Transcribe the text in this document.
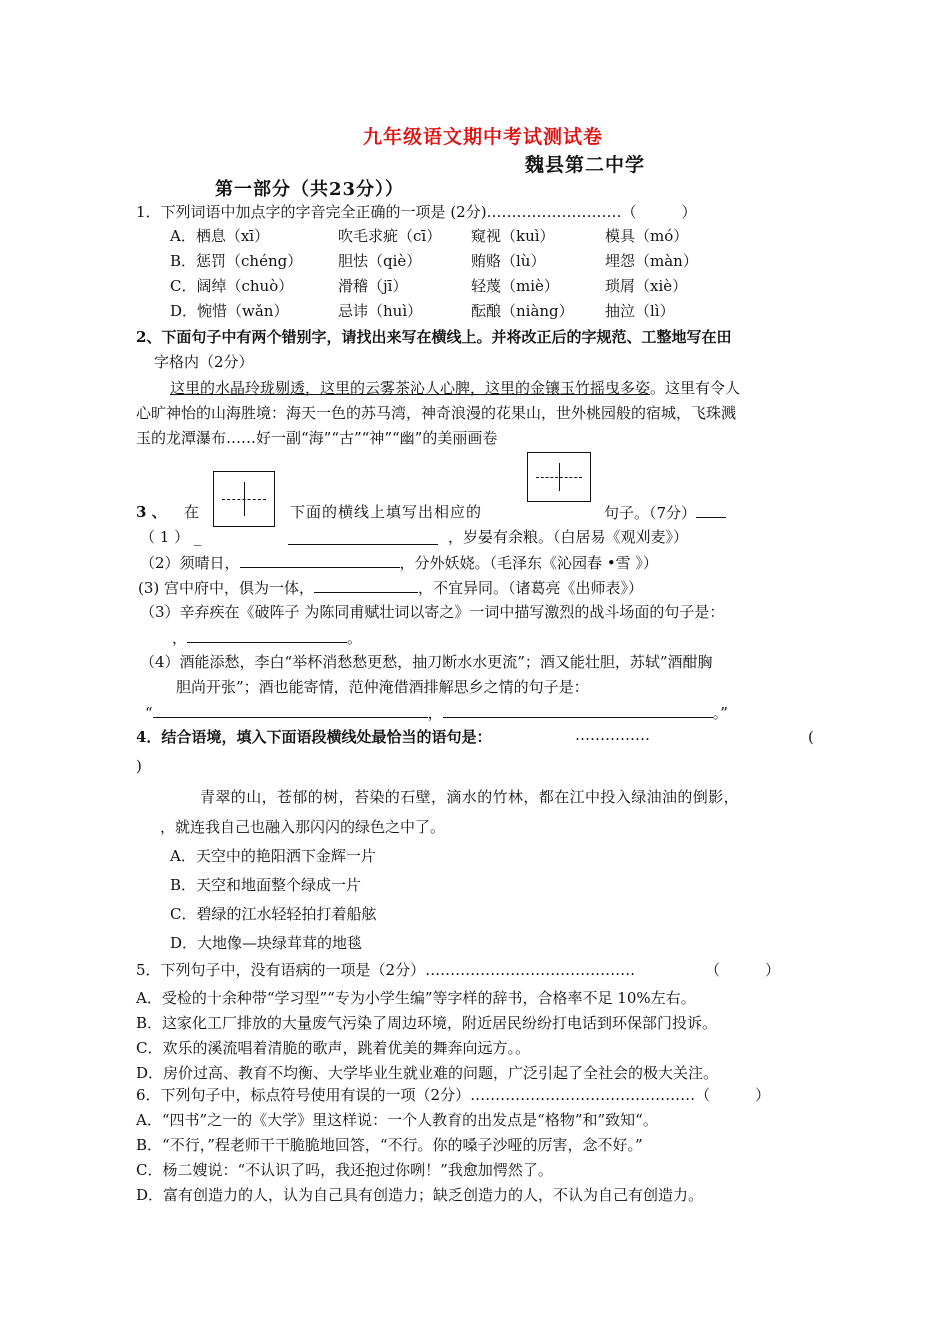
九年级语文期中考试测试卷
魏县第二中学
第一部分（共23分））
1．下列词语中加点字的字音完全正确的一项是 (2分)………………………（　　　）
A．栖息（xī）	吹毛求疵（cī） 窥视（kuì）	模具（mó）
B．惩罚（chéng） 胆怯（qiè）	贿赂（lù）	埋怨（màn）
C．阔绰（chuò）	滑稽（jī）	轻蔑（miè）	琐屑（xiè）
D．惋惜（wǎn）	忌讳（huì）	酝酿（niàng） 抽泣（lì）
2、下面句子中有两个错别字，请找出来写在横线上。并将改正后的字规范、工整地写在田
字格内（2分）
这里的水晶玲珑剔透，这里的云雾茶沁人心脾，这里的金镶玉竹摇曳多姿。这里有令人
心旷神怡的山海胜境：海天一色的苏马湾，神奇浪漫的花果山，世外桃园般的宿城，飞珠溅
玉的龙潭瀑布……好一副“海”“古”“神”“幽”的美丽画卷
3 、 在	下面的横线上填写出相应的	句子。（7分）
（ 1 ） _	，岁晏有余粮。（白居易《观刈麦》）
（2）须晴日，	，分外妖娆。（毛泽东《沁园春 •雪 》）
(3) 宫中府中，俱为一体，	，不宜异同。（诸葛亮《出师表》）
（3）辛弃疾在《破阵子 为陈同甫赋壮词以寄之》一词中描写激烈的战斗场面的句子是：
，	。
（4）酒能添愁，李白“举杯消愁愁更愁，抽刀断水水更流”；酒又能壮胆，苏轼”酒酣胸
胆尚开张”；酒也能寄情，范仲淹借酒排解思乡之情的句子是：
“	，	。”
4．结合语境，填入下面语段横线处最恰当的语句是：	……………	(
)
青翠的山，苍郁的树，苔染的石壁，滴水的竹林，都在江中投入绿油油的倒影，
，就连我自己也融入那闪闪的绿色之中了。
A．天空中的艳阳洒下金辉一片
B．天空和地面整个绿成一片
C．碧绿的江水轻轻拍打着船舷
D．大地像—块绿茸茸的地毯
5．下列句子中，没有语病的一项是（2分）……………………………………	（　　　）
A．受检的十余种带“学习型”“专为小学生编”等字样的辞书，合格率不足 10%左右。
B．这家化工厂排放的大量废气污染了周边环境，附近居民纷纷打电话到环保部门投诉。
C．欢乐的溪流唱着清脆的歌声，跳着优美的舞奔向远方。。
D．房价过高、教育不均衡、大学毕业生就业难的问题，广泛引起了全社会的极大关注。
6．下列句子中，标点符号使用有误的一项（2分）………………………………………（　　　）
A．“四书”之一的《大学》里这样说：一个人教育的出发点是“格物”和”致知“。
B．“不行，”程老师干干脆脆地回答，“不行。你的嗓子沙哑的厉害，念不好。”
C．杨二嫂说：“不认识了吗，我还抱过你咧！”我愈加愕然了。
D．富有创造力的人，认为自己具有创造力；缺乏创造力的人，不认为自己有创造力。
